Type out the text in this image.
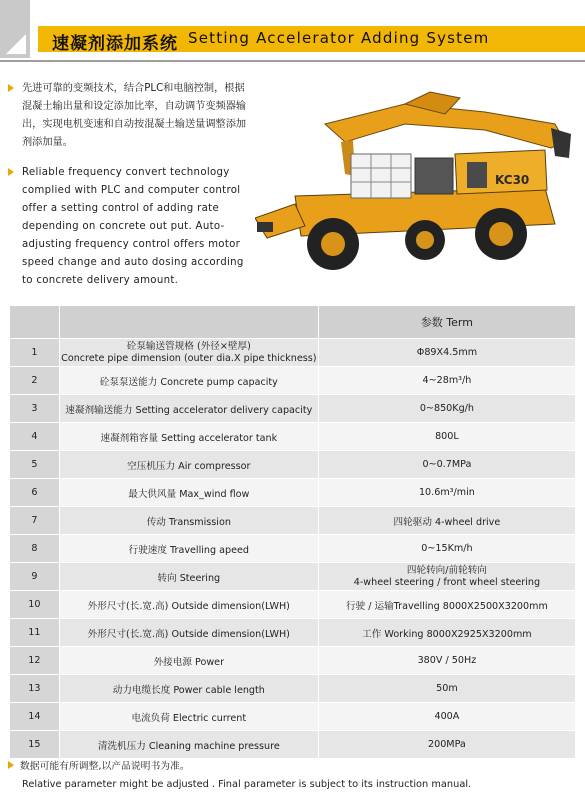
速凝剂添加系统 Setting Accelerator Adding System

先进可靠的变频技术，结合PLC和电脑控制，根据混凝土输出量和设定添加比率，自动调节变频器输出，实现电机变速和自动按混凝土输送量调整添加剂添加量。

Reliable frequency convert technology complied with PLC and computer control offer a setting control of adding rate depending on concrete out put. Auto-adjusting frequency control offers motor speed change and auto dosing according to concrete delivery amount.

KC30
		参数 Term
1	砼泵输送管规格 (外径×壁厚)
Concrete pipe dimension (outer dia.X pipe thickness)	Φ89X4.5mm
2	砼泵泵送能力 Concrete pump capacity	4~28m³/h
3	速凝剂输送能力 Setting accelerator delivery capacity	0~850Kg/h
4	速凝剂箱容量 Setting accelerator tank	800L
5	空压机压力 Air compressor	0~0.7MPa
6	最大供风量 Max_wind flow	10.6m³/min
7	传动 Transmission	四轮驱动 4-wheel drive
8	行驶速度 Travelling apeed	0~15Km/h
9	转向 Steering	四轮转向/前轮转向
4-wheel steering / front wheel steering

10	外形尺寸(长.宽.高) Outside dimension(LWH)	行驶 / 运输Travelling 8000X2500X3200mm
11	外形尺寸(长.宽.高) Outside dimension(LWH)	工作 Working 8000X2925X3200mm
12	外接电源 Power	380V / 50Hz
13	动力电缆长度 Power cable length	50m
14	电流负荷 Electric current	400A
15	清洗机压力 Cleaning machine pressure	200MPa
数据可能有所调整,以产品说明书为准。
Relative parameter might be adjusted . Final parameter is subject to its instruction manual.
